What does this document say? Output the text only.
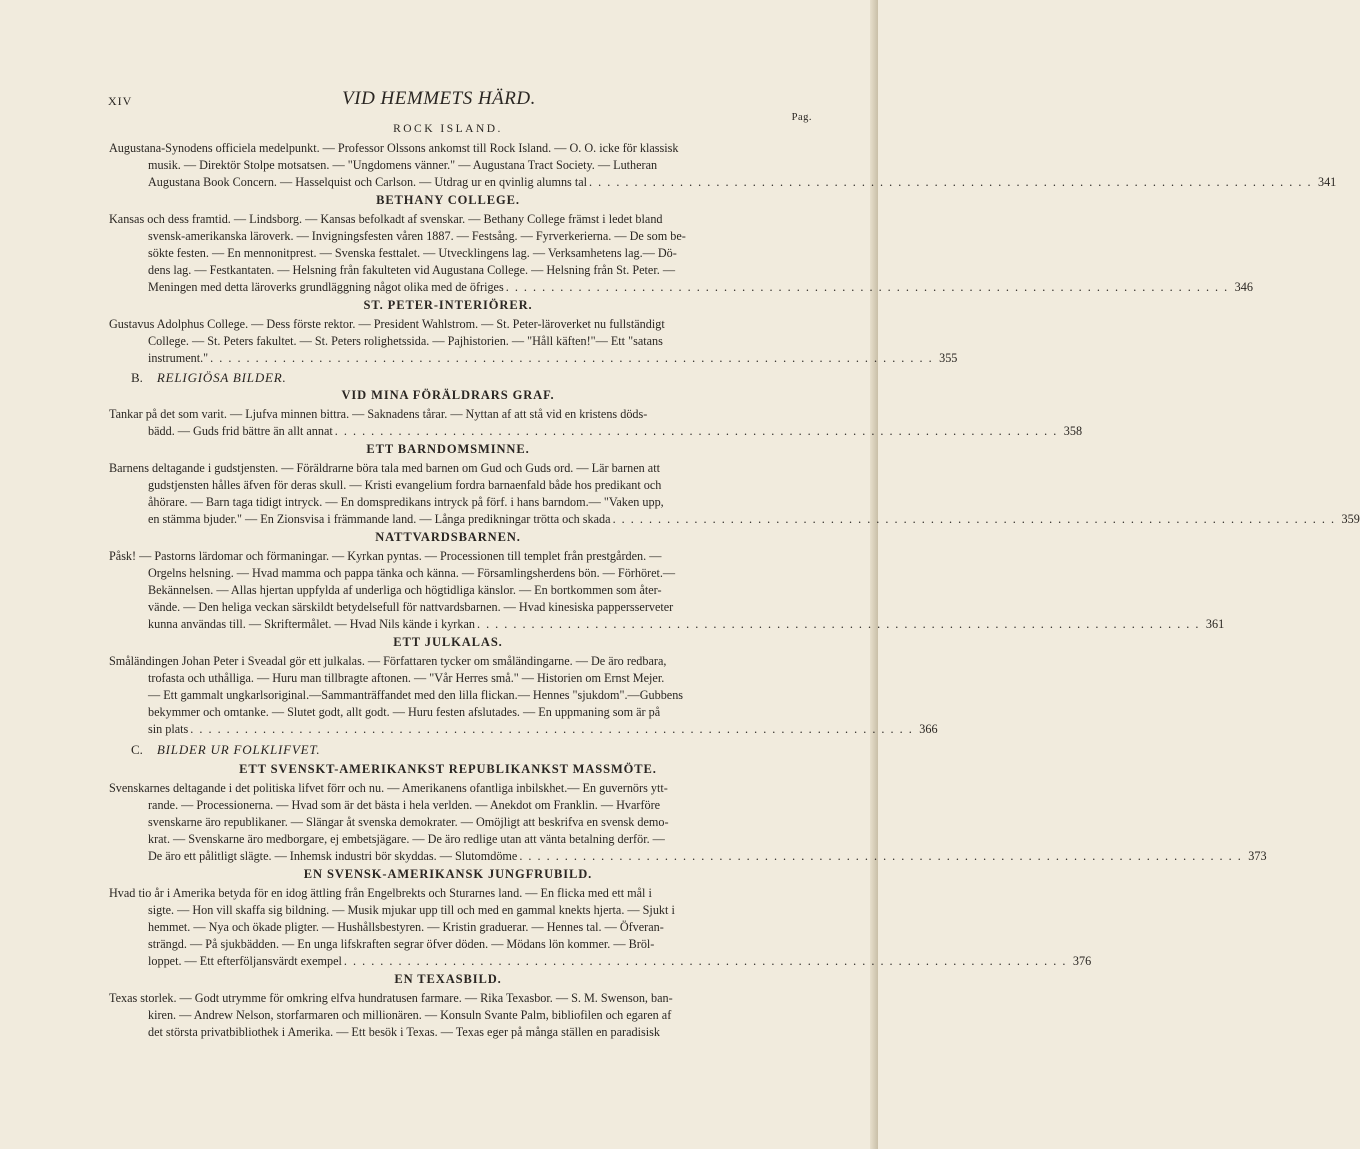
XIV	VID HEMMETS HÄRD.
Pag.
ROCK ISLAND.
Augustana-Synodens officiela medelpunkt. — Professor Olssons ankomst till Rock Island. — O. O. icke för klassisk
musik. — Direktör Stolpe motsatsen. — "Ungdomens vänner." — Augustana Tract Society. — Lutheran
Augustana Book Concern. — Hasselquist och Carlson. — Utdrag ur en qvinlig alumns tal . . . . . . . . . . . . . . . . . . . . . . . . . . . . . . . . . . . . . . . . . . . . . . . . . . . . . . . . . . . . . . . . . . . . . . . . . . . . . . . . 341
BETHANY COLLEGE.
Kansas och dess framtid. — Lindsborg. — Kansas befolkadt af svenskar. — Bethany College främst i ledet bland
svensk-amerikanska läroverk. — Invigningsfesten våren 1887. — Festsång. — Fyrverkerierna. — De som be-
sökte festen. — En mennonitprest. — Svenska festtalet. — Utvecklingens lag. — Verksamhetens lag.— Dö-
dens lag. — Festkantaten. — Helsning från fakulteten vid Augustana College. — Helsning från St. Peter. —
Meningen med detta läroverks grundläggning något olika med de öfriges . . . . . . . . . . . . . . . . . . . . . . . . . . . . . . . . . . . . . . . . . . . . . . . . . . . . . . . . . . . . . . . . . . . . . . . . . . . . . . . . 346
ST. PETER-INTERIÖRER.
Gustavus Adolphus College. — Dess förste rektor. — President Wahlstrom. — St. Peter-läroverket nu fullständigt
College. — St. Peters fakultet. — St. Peters rolighetssida. — Pajhistorien. — "Håll käften!"— Ett "satans
instrument." . . . . . . . . . . . . . . . . . . . . . . . . . . . . . . . . . . . . . . . . . . . . . . . . . . . . . . . . . . . . . . . . . . . . . . . . . . . . . . . . 355
B. RELIGIÖSA BILDER.
VID MINA FÖRÄLDRARS GRAF.
Tankar på det som varit. — Ljufva minnen bittra. — Saknadens tårar. — Nyttan af att stå vid en kristens döds-
bädd. — Guds frid bättre än allt annat . . . . . . . . . . . . . . . . . . . . . . . . . . . . . . . . . . . . . . . . . . . . . . . . . . . . . . . . . . . . . . . . . . . . . . . . . . . . . . . . 358
ETT BARNDOMSMINNE.
Barnens deltagande i gudstjensten. — Föräldrarne böra tala med barnen om Gud och Guds ord. — Lär barnen att
gudstjensten hålles äfven för deras skull. — Kristi evangelium fordra barnaenfald både hos predikant och
åhörare. — Barn taga tidigt intryck. — En domspredikans intryck på förf. i hans barndom.— "Vaken upp,
en stämma bjuder." — En Zionsvisa i främmande land. — Långa predikningar trötta och skada . . . . . . . . . . . . . . . . . . . . . . . . . . . . . . . . . . . . . . . . . . . . . . . . . . . . . . . . . . . . . . . . . . . . . . . . . . . . . . . . 359
NATTVARDSBARNEN.
Påsk! — Pastorns lärdomar och förmaningar. — Kyrkan pyntas. — Processionen till templet från prestgården. —
Orgelns helsning. — Hvad mamma och pappa tänka och känna. — Församlingsherdens bön. — Förhöret.—
Bekännelsen. — Allas hjertan uppfylda af underliga och högtidliga känslor. — En bortkommen som åter-
vände. — Den heliga veckan särskildt betydelsefull för nattvardsbarnen. — Hvad kinesiska pappersserveter
kunna användas till. — Skriftermålet. — Hvad Nils kände i kyrkan . . . . . . . . . . . . . . . . . . . . . . . . . . . . . . . . . . . . . . . . . . . . . . . . . . . . . . . . . . . . . . . . . . . . . . . . . . . . . . . . 361
ETT JULKALAS.
Småländingen Johan Peter i Sveadal gör ett julkalas. — Författaren tycker om småländingarne. — De äro redbara,
trofasta och uthålliga. — Huru man tillbragte aftonen. — "Vår Herres små." — Historien om Ernst Mejer.
— Ett gammalt ungkarlsoriginal.—Sammanträffandet med den lilla flickan.— Hennes "sjukdom".—Gubbens
bekymmer och omtanke. — Slutet godt, allt godt. — Huru festen afslutades. — En uppmaning som är på
sin plats . . . . . . . . . . . . . . . . . . . . . . . . . . . . . . . . . . . . . . . . . . . . . . . . . . . . . . . . . . . . . . . . . . . . . . . . . . . . . . . . 366
C. BILDER UR FOLKLIFVET.
ETT SVENSKT-AMERIKANKST REPUBLIKANKST MASSMÖTE.
Svenskarnes deltagande i det politiska lifvet förr och nu. — Amerikanens ofantliga inbilskhet.— En guvernörs ytt-
rande. — Processionerna. — Hvad som är det bästa i hela verlden. — Anekdot om Franklin. — Hvarföre
svenskarne äro republikaner. — Slängar åt svenska demokrater. — Omöjligt att beskrifva en svensk demo-
krat. — Svenskarne äro medborgare, ej embetsjägare. — De äro redlige utan att vänta betalning derför. —
De äro ett pålitligt slägte. — Inhemsk industri bör skyddas. — Slutomdöme . . . . . . . . . . . . . . . . . . . . . . . . . . . . . . . . . . . . . . . . . . . . . . . . . . . . . . . . . . . . . . . . . . . . . . . . . . . . . . . . 373
EN SVENSK-AMERIKANSK JUNGFRUBILD.
Hvad tio år i Amerika betyda för en idog ättling från Engelbrekts och Sturarnes land. — En flicka med ett mål i
sigte. — Hon vill skaffa sig bildning. — Musik mjukar upp till och med en gammal knekts hjerta. — Sjukt i
hemmet. — Nya och ökade pligter. — Hushållsbestyren. — Kristin graduerar. — Hennes tal. — Öfveran-
strängd. — På sjukbädden. — En unga lifskraften segrar öfver döden. — Mödans lön kommer. — Bröl-
loppet. — Ett efterföljansvärdt exempel . . . . . . . . . . . . . . . . . . . . . . . . . . . . . . . . . . . . . . . . . . . . . . . . . . . . . . . . . . . . . . . . . . . . . . . . . . . . . . . . 376
EN TEXASBILD.
Texas storlek. — Godt utrymme för omkring elfva hundratusen farmare. — Rika Texasbor. — S. M. Swenson, ban-
kiren. — Andrew Nelson, storfarmaren och millionären. — Konsuln Svante Palm, bibliofilen och egaren af
det största privatbibliothek i Amerika. — Ett besök i Texas. — Texas eger på många ställen en paradisisk
